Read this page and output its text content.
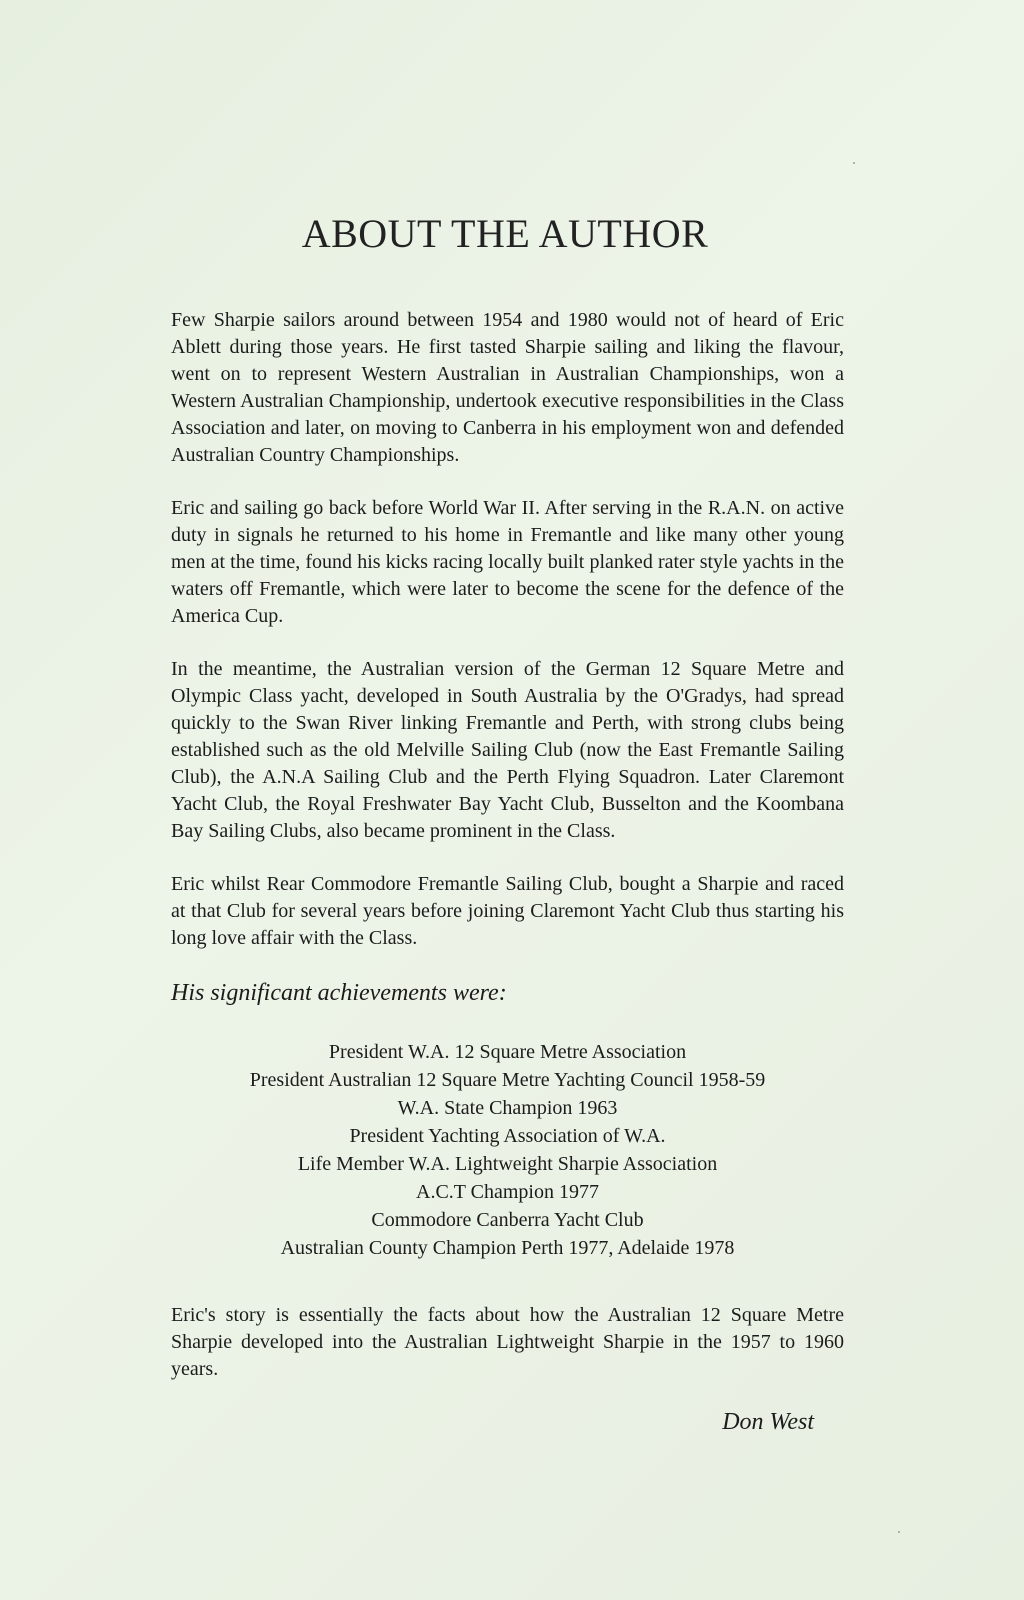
ABOUT THE AUTHOR

Few Sharpie sailors around between 1954 and 1980 would not of heard of Eric Ablett during those years. He first tasted Sharpie sailing and liking the flavour, went on to represent Western Australian in Australian Championships, won a Western Australian Championship, undertook executive responsibilities in the Class Association and later, on moving to Canberra in his employment won and defended Australian Country Championships.

Eric and sailing go back before World War II. After serving in the R.A.N. on active duty in signals he returned to his home in Fremantle and like many other young men at the time, found his kicks racing locally built planked rater style yachts in the waters off Fremantle, which were later to become the scene for the defence of the America Cup.

In the meantime, the Australian version of the German 12 Square Metre and Olympic Class yacht, developed in South Australia by the O'Gradys, had spread quickly to the Swan River linking Fremantle and Perth, with strong clubs being established such as the old Melville Sailing Club (now the East Fremantle Sailing Club), the A.N.A Sailing Club and the Perth Flying Squadron. Later Claremont Yacht Club, the Royal Freshwater Bay Yacht Club, Busselton and the Koombana Bay Sailing Clubs, also became prominent in the Class.

Eric whilst Rear Commodore Fremantle Sailing Club, bought a Sharpie and raced at that Club for several years before joining Claremont Yacht Club thus starting his long love affair with the Class.

His significant achievements were:
President W.A. 12 Square Metre Association
President Australian 12 Square Metre Yachting Council 1958-59
W.A. State Champion 1963
President Yachting Association of W.A.
Life Member W.A. Lightweight Sharpie Association
A.C.T Champion 1977
Commodore Canberra Yacht Club
Australian County Champion Perth 1977, Adelaide 1978

Eric's story is essentially the facts about how the Australian 12 Square Metre Sharpie developed into the Australian Lightweight Sharpie in the 1957 to 1960 years.

Don West
